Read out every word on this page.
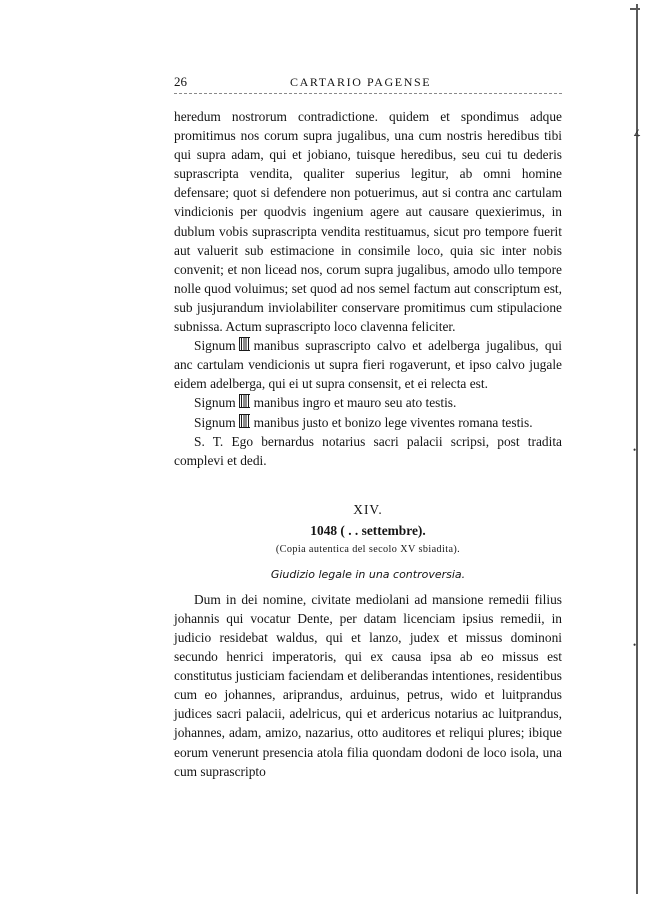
∡
•
•
26	CARTARIO PAGENSE

heredum nostrorum contradictione. quidem et spondimus adque promitimus nos corum supra jugalibus, una cum nostris heredibus tibi qui supra adam, qui et jobiano, tuisque heredibus, seu cui tu dederis suprascripta vendita, qualiter superius legitur, ab omni homine defensare; quot si defendere non potuerimus, aut si contra anc cartulam vindicionis per quodvis ingenium agere aut causare quexierimus, in dublum vobis suprascripta vendita restituamus, sicut pro tempore fuerit aut valuerit sub estimacione in consimile loco, quia sic inter nobis convenit; et non licead nos, corum supra jugalibus, amodo ullo tempore nolle quod voluimus; set quod ad nos semel factum aut conscriptum est, sub jusjurandum inviolabiliter conservare promitimus cum stipulacione subnissa. Actum suprascripto loco clavenna feliciter.

Signum manibus suprascripto calvo et adelberga jugalibus, qui anc cartulam vendicionis ut supra fieri rogaverunt, et ipso calvo jugale eidem adelberga, qui ei ut supra consensit, et ei relecta est.

Signum manibus ingro et mauro seu ato testis.

Signum manibus justo et bonizo lege viventes romana testis.

S. T. Ego bernardus notarius sacri palacii scripsi, post tradita complevi et dedi.

XIV.
1048 ( . . settembre).
(Copia autentica del secolo XV sbiadita).
Giudizio legale in una controversia.

Dum in dei nomine, civitate mediolani ad mansione remedii filius johannis qui vocatur Dente, per datam licenciam ipsius remedii, in judicio residebat waldus, qui et lanzo, judex et missus dominoni secundo henrici imperatoris, qui ex causa ipsa ab eo missus est constitutus justiciam faciendam et deliberandas intentiones, residentibus cum eo johannes, ariprandus, arduinus, petrus, wido et luitprandus judices sacri palacii, adelricus, qui et ardericus notarius ac luitprandus, johannes, adam, amizo, nazarius, otto auditores et reliqui plures; ibique eorum venerunt presencia atola filia quondam dodoni de loco isola, una cum suprascripto
